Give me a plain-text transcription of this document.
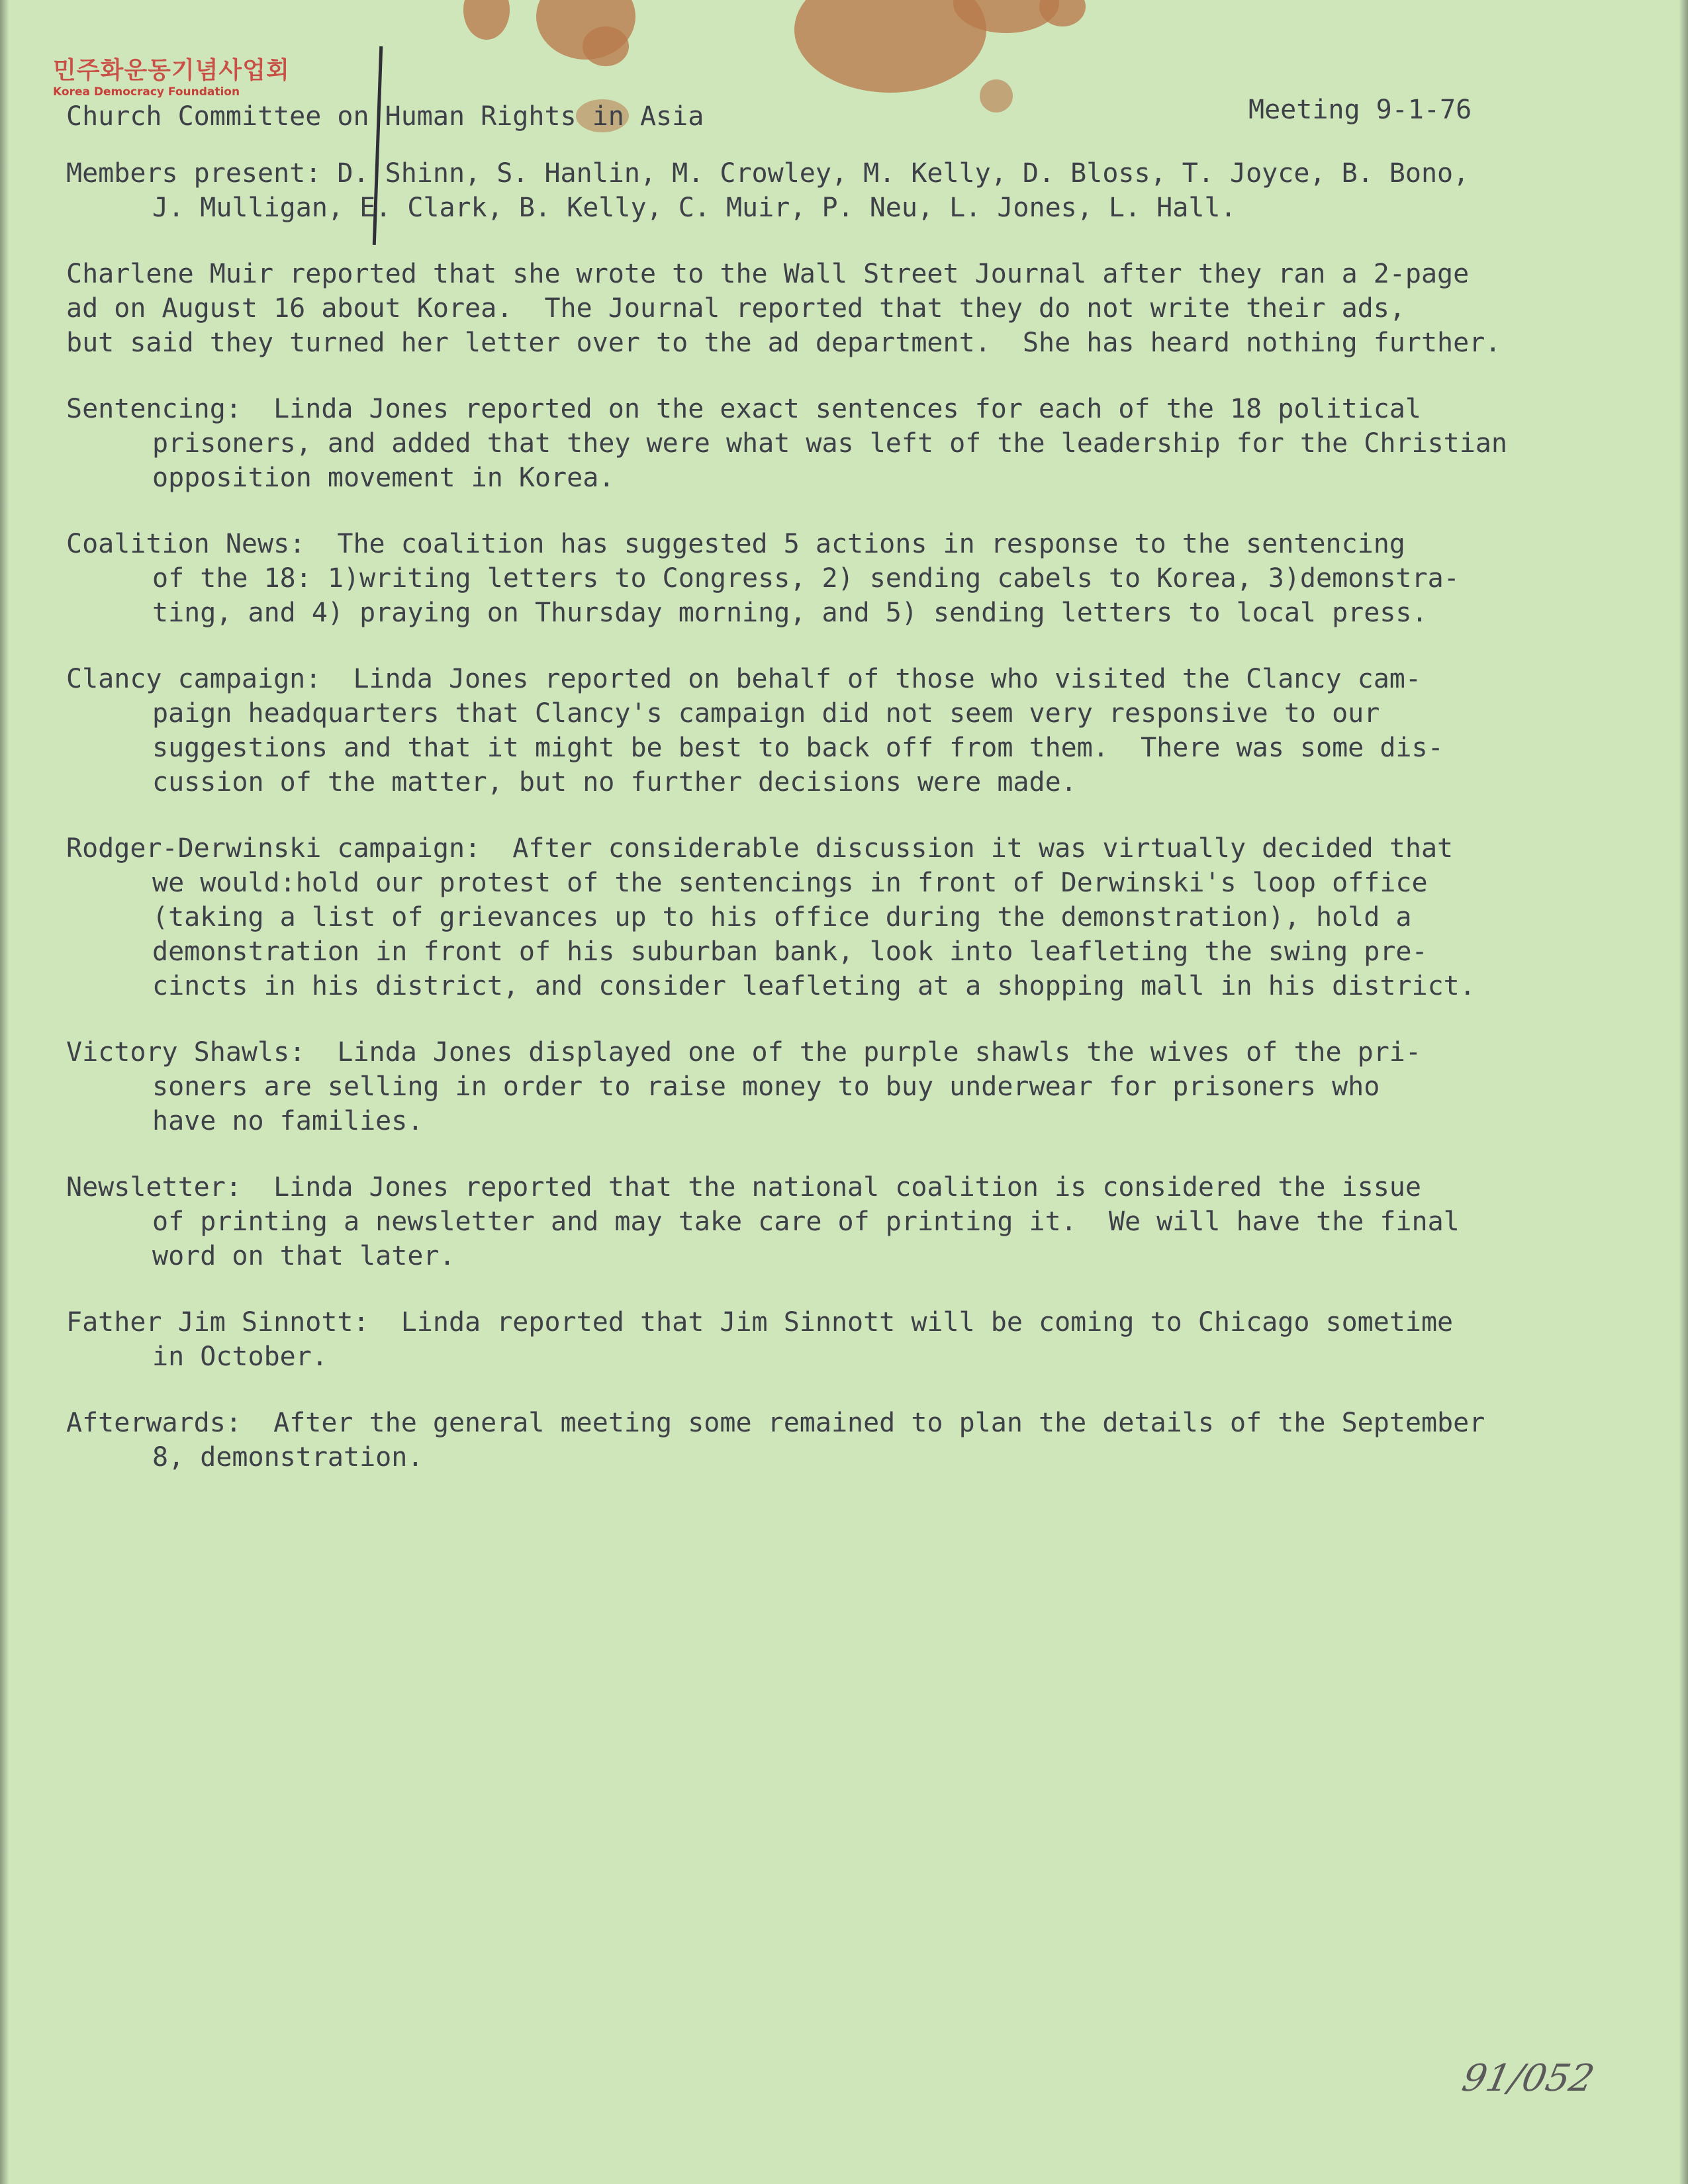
민주화운동기념사업회
Korea Democracy Foundation
Church Committee on Human Rights in Asia	Meeting 9-1-76
Members present: D. Shinn, S. Hanlin, M. Crowley, M. Kelly, D. Bloss, T. Joyce, B. Bono,
J. Mulligan, E. Clark, B. Kelly, C. Muir, P. Neu, L. Jones, L. Hall.
Charlene Muir reported that she wrote to the Wall Street Journal after they ran a 2-page
ad on August 16 about Korea.  The Journal reported that they do not write their ads,
but said they turned her letter over to the ad department.  She has heard nothing further.
Sentencing:  Linda Jones reported on the exact sentences for each of the 18 political
prisoners, and added that they were what was left of the leadership for the Christian
opposition movement in Korea.
Coalition News:  The coalition has suggested 5 actions in response to the sentencing
of the 18: 1)writing letters to Congress, 2) sending cabels to Korea, 3)demonstra-
ting, and 4) praying on Thursday morning, and 5) sending letters to local press.
Clancy campaign:  Linda Jones reported on behalf of those who visited the Clancy cam-
paign headquarters that Clancy's campaign did not seem very responsive to our
suggestions and that it might be best to back off from them.  There was some dis-
cussion of the matter, but no further decisions were made.
Rodger-Derwinski campaign:  After considerable discussion it was virtually decided that
we would:hold our protest of the sentencings in front of Derwinski's loop office
(taking a list of grievances up to his office during the demonstration), hold a
demonstration in front of his suburban bank, look into leafleting the swing pre-
cincts in his district, and consider leafleting at a shopping mall in his district.
Victory Shawls:  Linda Jones displayed one of the purple shawls the wives of the pri-
soners are selling in order to raise money to buy underwear for prisoners who
have no families.
Newsletter:  Linda Jones reported that the national coalition is considered the issue
of printing a newsletter and may take care of printing it.  We will have the final
word on that later.
Father Jim Sinnott:  Linda reported that Jim Sinnott will be coming to Chicago sometime
in October.
Afterwards:  After the general meeting some remained to plan the details of the September
8, demonstration.
91/052
